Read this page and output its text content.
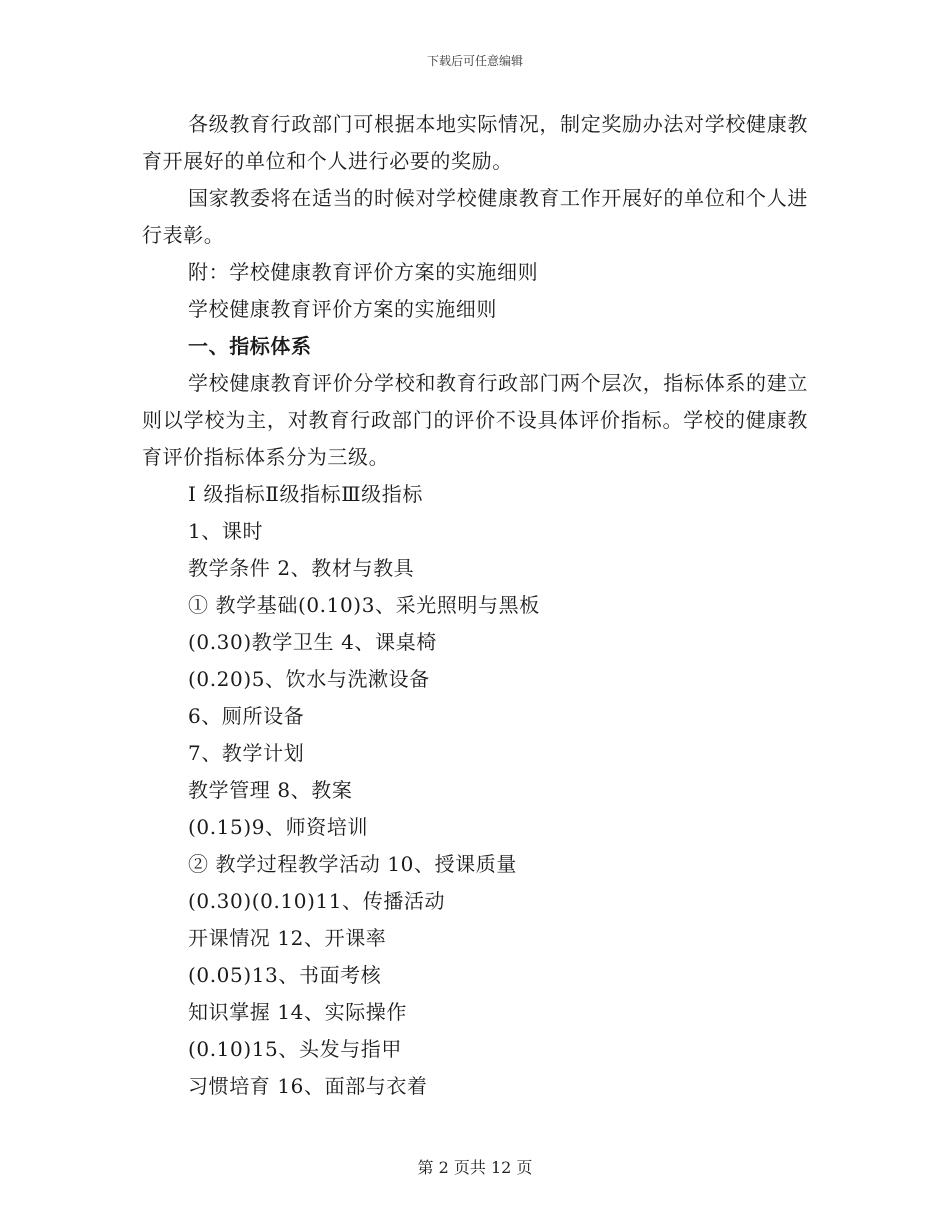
下载后可任意编辑

各级教育行政部门可根据本地实际情况，制定奖励办法对学校健康教育开展好的单位和个人进行必要的奖励。

国家教委将在适当的时候对学校健康教育工作开展好的单位和个人进行表彰。

附：学校健康教育评价方案的实施细则

学校健康教育评价方案的实施细则

一、指标体系

学校健康教育评价分学校和教育行政部门两个层次，指标体系的建立则以学校为主，对教育行政部门的评价不设具体评价指标。学校的健康教育评价指标体系分为三级。

Ⅰ 级指标Ⅱ级指标Ⅲ级指标

1、课时

教学条件 2、教材与教具

① 教学基础(0.10)3、采光照明与黑板

(0.30)教学卫生 4、课桌椅

(0.20)5、饮水与洗漱设备

6、厕所设备

7、教学计划

教学管理 8、教案

(0.15)9、师资培训

② 教学过程教学活动 10、授课质量

(0.30)(0.10)11、传播活动

开课情况 12、开课率

(0.05)13、书面考核

知识掌握 14、实际操作

(0.10)15、头发与指甲

习惯培育 16、面部与衣着

第 2 页共 12 页
